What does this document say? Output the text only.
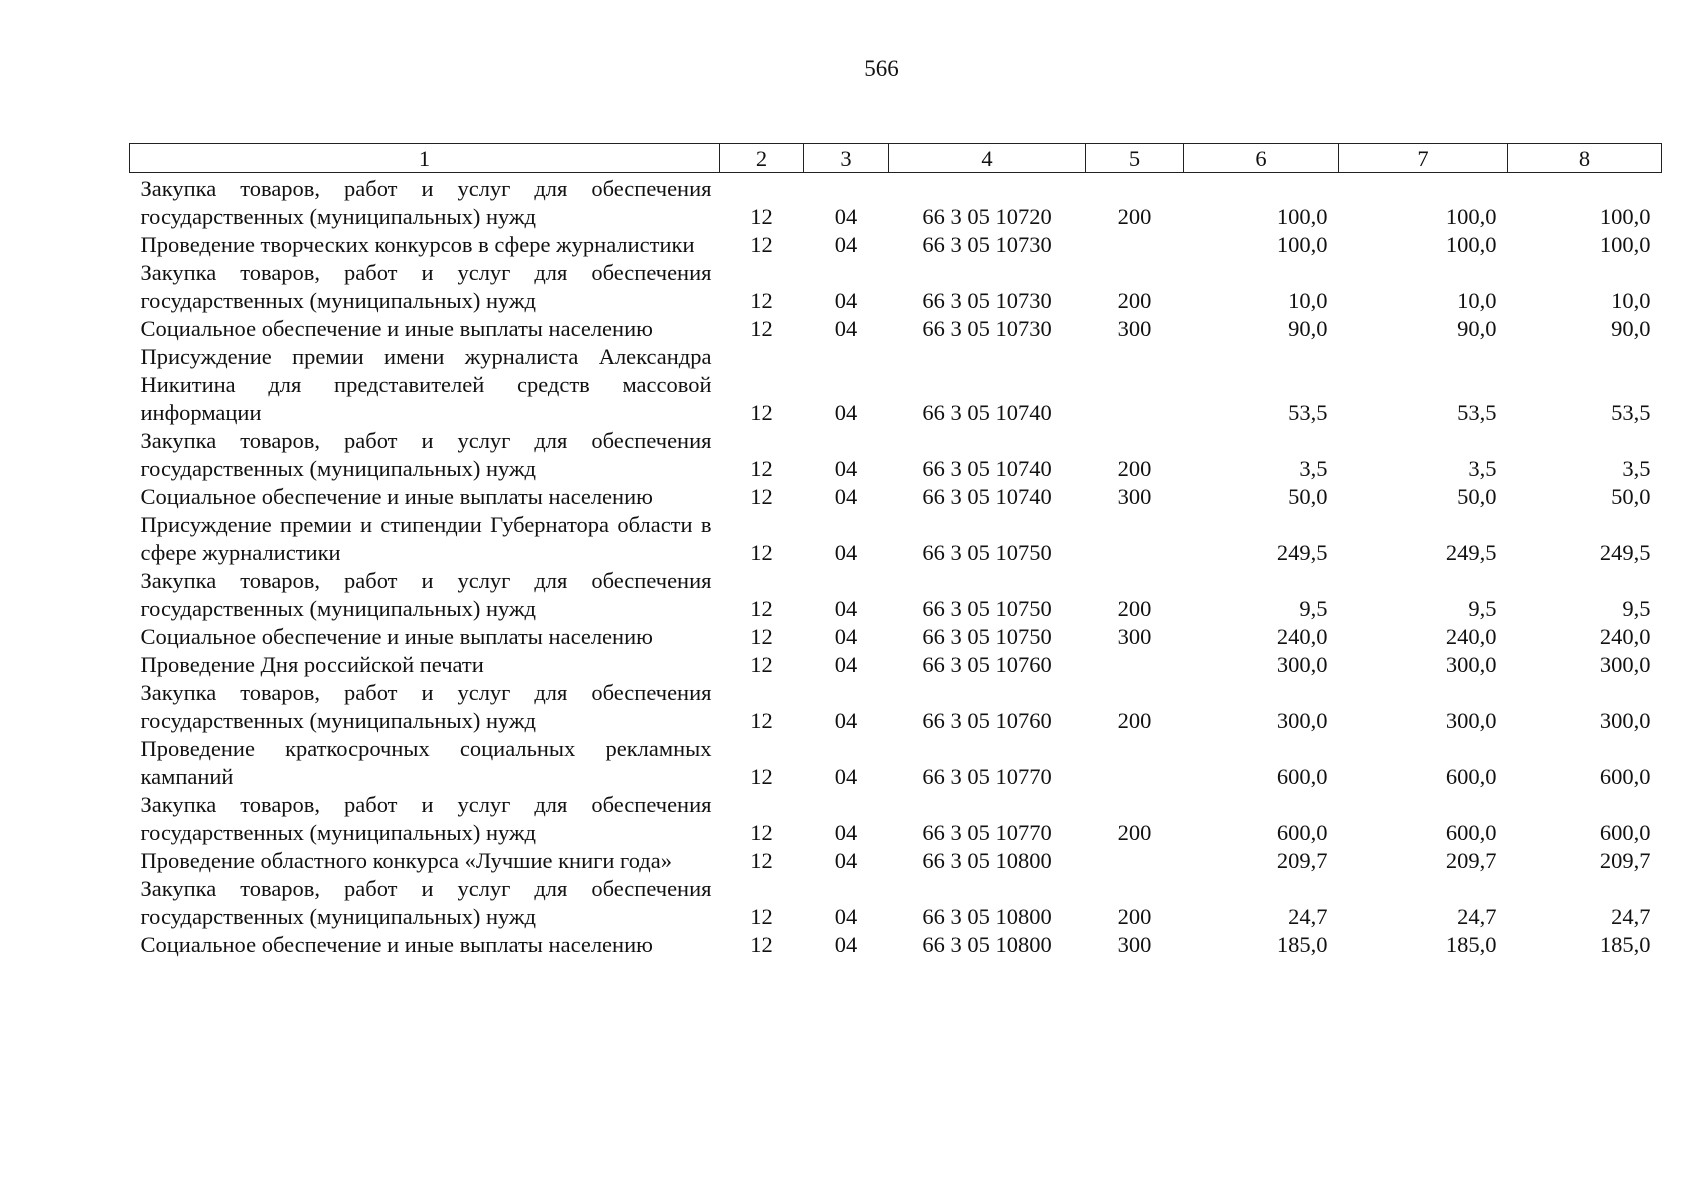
566
1	2	3	4	5	6	7	8
Закупка товаров, работ и услуг для обеспечения государственных (муниципальных) нужд	12	04	66 3 05 10720	200	100,0	100,0	100,0
Проведение творческих конкурсов в сфере журналистики	12	04	66 3 05 10730		100,0	100,0	100,0
Закупка товаров, работ и услуг для обеспечения государственных (муниципальных) нужд	12	04	66 3 05 10730	200	10,0	10,0	10,0
Социальное обеспечение и иные выплаты населению	12	04	66 3 05 10730	300	90,0	90,0	90,0
Присуждение премии имени журналиста Александра Никитина для представителей средств массовой информации	12	04	66 3 05 10740		53,5	53,5	53,5
Закупка товаров, работ и услуг для обеспечения государственных (муниципальных) нужд	12	04	66 3 05 10740	200	3,5	3,5	3,5
Социальное обеспечение и иные выплаты населению	12	04	66 3 05 10740	300	50,0	50,0	50,0
Присуждение премии и стипендии Губернатора области в сфере журналистики	12	04	66 3 05 10750		249,5	249,5	249,5
Закупка товаров, работ и услуг для обеспечения государственных (муниципальных) нужд	12	04	66 3 05 10750	200	9,5	9,5	9,5
Социальное обеспечение и иные выплаты населению	12	04	66 3 05 10750	300	240,0	240,0	240,0
Проведение Дня российской печати	12	04	66 3 05 10760		300,0	300,0	300,0
Закупка товаров, работ и услуг для обеспечения государственных (муниципальных) нужд	12	04	66 3 05 10760	200	300,0	300,0	300,0
Проведение краткосрочных социальных рекламных кампаний	12	04	66 3 05 10770		600,0	600,0	600,0
Закупка товаров, работ и услуг для обеспечения государственных (муниципальных) нужд	12	04	66 3 05 10770	200	600,0	600,0	600,0
Проведение областного конкурса «Лучшие книги года»	12	04	66 3 05 10800		209,7	209,7	209,7
Закупка товаров, работ и услуг для обеспечения государственных (муниципальных) нужд	12	04	66 3 05 10800	200	24,7	24,7	24,7
Социальное обеспечение и иные выплаты населению	12	04	66 3 05 10800	300	185,0	185,0	185,0
